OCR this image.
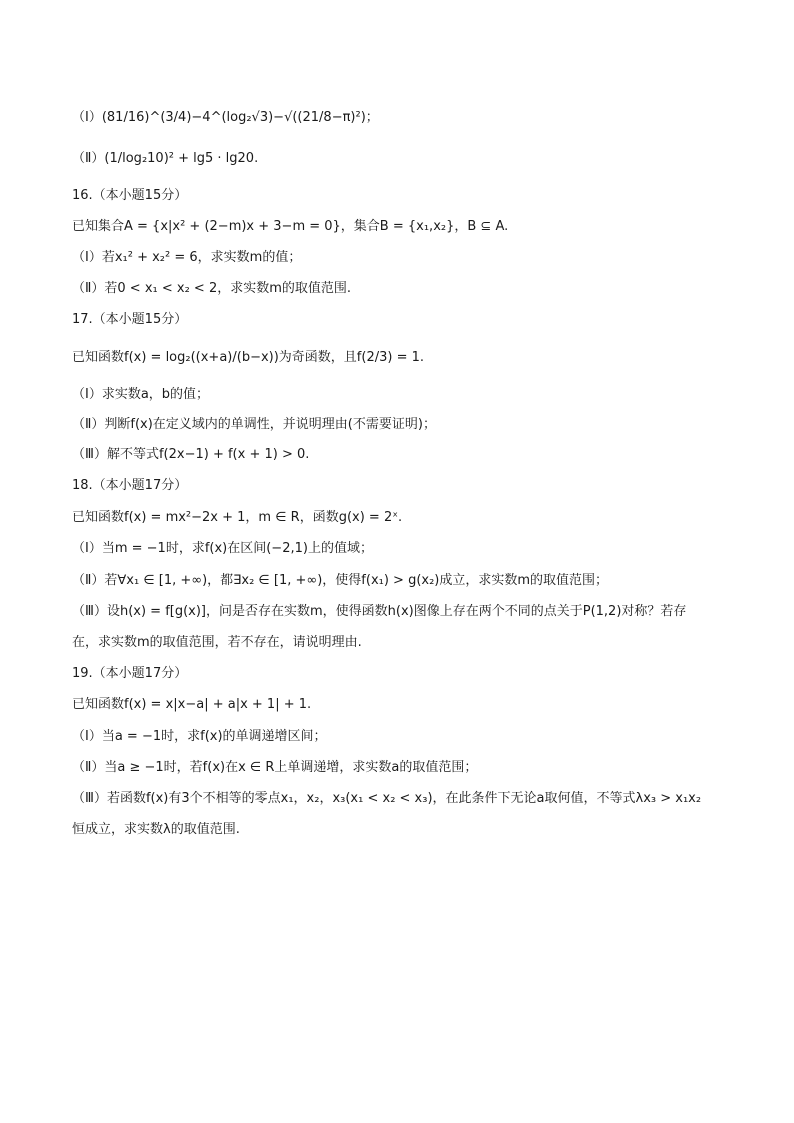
（Ⅰ）(81/16)^(3/4)−4^(log₂√3)−√((21/8−π)²)；
（Ⅱ）(1/log₂10)² + lg5 · lg20.
16.（本小题15分）
已知集合A = {x|x² + (2−m)x + 3−m = 0}，集合B = {x₁,x₂}，B ⊆ A.
（Ⅰ）若x₁² + x₂² = 6，求实数m的值；
（Ⅱ）若0 < x₁ < x₂ < 2，求实数m的取值范围.
17.（本小题15分）
已知函数f(x) = log₂((x+a)/(b−x))为奇函数，且f(2/3) = 1.
（Ⅰ）求实数a，b的值；
（Ⅱ）判断f(x)在定义域内的单调性，并说明理由(不需要证明)；
（Ⅲ）解不等式f(2x−1) + f(x + 1) > 0.
18.（本小题17分）
已知函数f(x) = mx²−2x + 1，m ∈ R，函数g(x) = 2ˣ.
（Ⅰ）当m = −1时，求f(x)在区间(−2,1)上的值域；
（Ⅱ）若∀x₁ ∈ [1, +∞)，都∃x₂ ∈ [1, +∞)，使得f(x₁) > g(x₂)成立，求实数m的取值范围；
（Ⅲ）设h(x) = f[g(x)]，问是否存在实数m，使得函数h(x)图像上存在两个不同的点关于P(1,2)对称？若存
在，求实数m的取值范围，若不存在，请说明理由.
19.（本小题17分）
已知函数f(x) = x|x−a| + a|x + 1| + 1.
（Ⅰ）当a = −1时，求f(x)的单调递增区间；
（Ⅱ）当a ≥ −1时，若f(x)在x ∈ R上单调递增，求实数a的取值范围；
（Ⅲ）若函数f(x)有3个不相等的零点x₁，x₂，x₃(x₁ < x₂ < x₃)，在此条件下无论a取何值，不等式λx₃ > x₁x₂
恒成立，求实数λ的取值范围.
